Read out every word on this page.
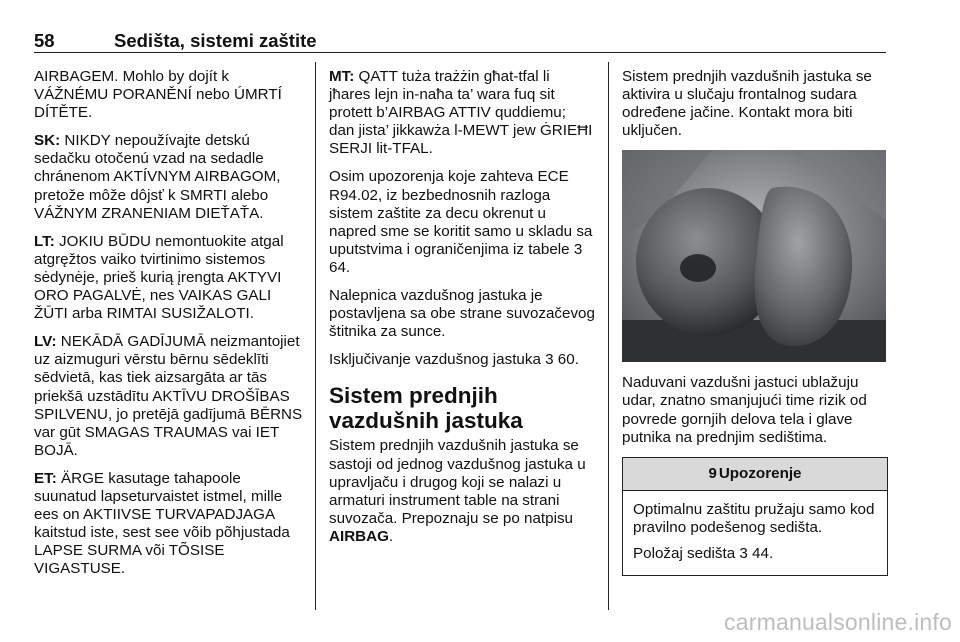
58	Sedišta, sistemi zaštite

AIRBAGEM. Mohlo by dojít k VÁŽNÉMU PORANĚNÍ nebo ÚMRTÍ DÍTĚTE.

SK: NIKDY nepoužívajte detskú sedačku otočenú vzad na sedadle chránenom AKTÍVNYM AIRBAGOM, pretože môže dôjsť k SMRTI alebo VÁŽNYM ZRANENIAM DIEŤAŤA.

LT: JOKIU BŪDU nemontuokite atgal atgręžtos vaiko tvirtinimo sistemos sėdynėje, prieš kurią įrengta AKTYVI ORO PAGALVĖ, nes VAIKAS GALI ŽŪTI arba RIMTAI SUSIŽALOTI.

LV: NEKĀDĀ GADĪJUMĀ neizmantojiet uz aizmuguri vērstu bērnu sēdeklīti sēdvietā, kas tiek aizsargāta ar tās priekšā uzstādītu AKTĪVU DROŠĪBAS SPILVENU, jo pretējā gadījumā BĒRNS var gūt SMAGAS TRAUMAS vai IET BOJĀ.

ET: ÄRGE kasutage tahapoole suunatud lapseturvaistet istmel, mille ees on AKTIIVSE TURVAPADJAGA kaitstud iste, sest see võib põhjustada LAPSE SURMA või TÕSISE VIGASTUSE.

MT: QATT tuża trażżin għat-tfal li jħares lejn in-naħa ta’ wara fuq sit protett b’AIRBAG ATTIV quddiemu; dan jista’ jikkawża l-MEWT jew ĠRIEĦI SERJI lit-TFAL.

Osim upozorenja koje zahteva ECE R94.02, iz bezbednosnih razloga sistem zaštite za decu okrenut u napred sme se koritit samo u skladu sa uputstvima i ograničenjima iz tabele 3 64.

Nalepnica vazdušnog jastuka je postavljena sa obe strane suvozačevog štitnika za sunce.

Isključivanje vazdušnog jastuka 3 60.

Sistem prednjih vazdušnih jastuka

Sistem prednjih vazdušnih jastuka se sastoji od jednog vazdušnog jastuka u upravljaču i drugog koji se nalazi u armaturi instrument table na strani suvozača. Prepoznaju se po natpisu AIRBAG.

Sistem prednjih vazdušnih jastuka se aktivira u slučaju frontalnog sudara određene jačine. Kontakt mora biti uključen.

Naduvani vazdušni jastuci ublažuju udar, znatno smanjujući time rizik od povrede gornjih delova tela i glave putnika na prednjim sedištima.

9 Upozorenje

Optimalnu zaštitu pružaju samo kod pravilno podešenog sedišta.

Položaj sedišta 3 44.

carmanualsonline.info
